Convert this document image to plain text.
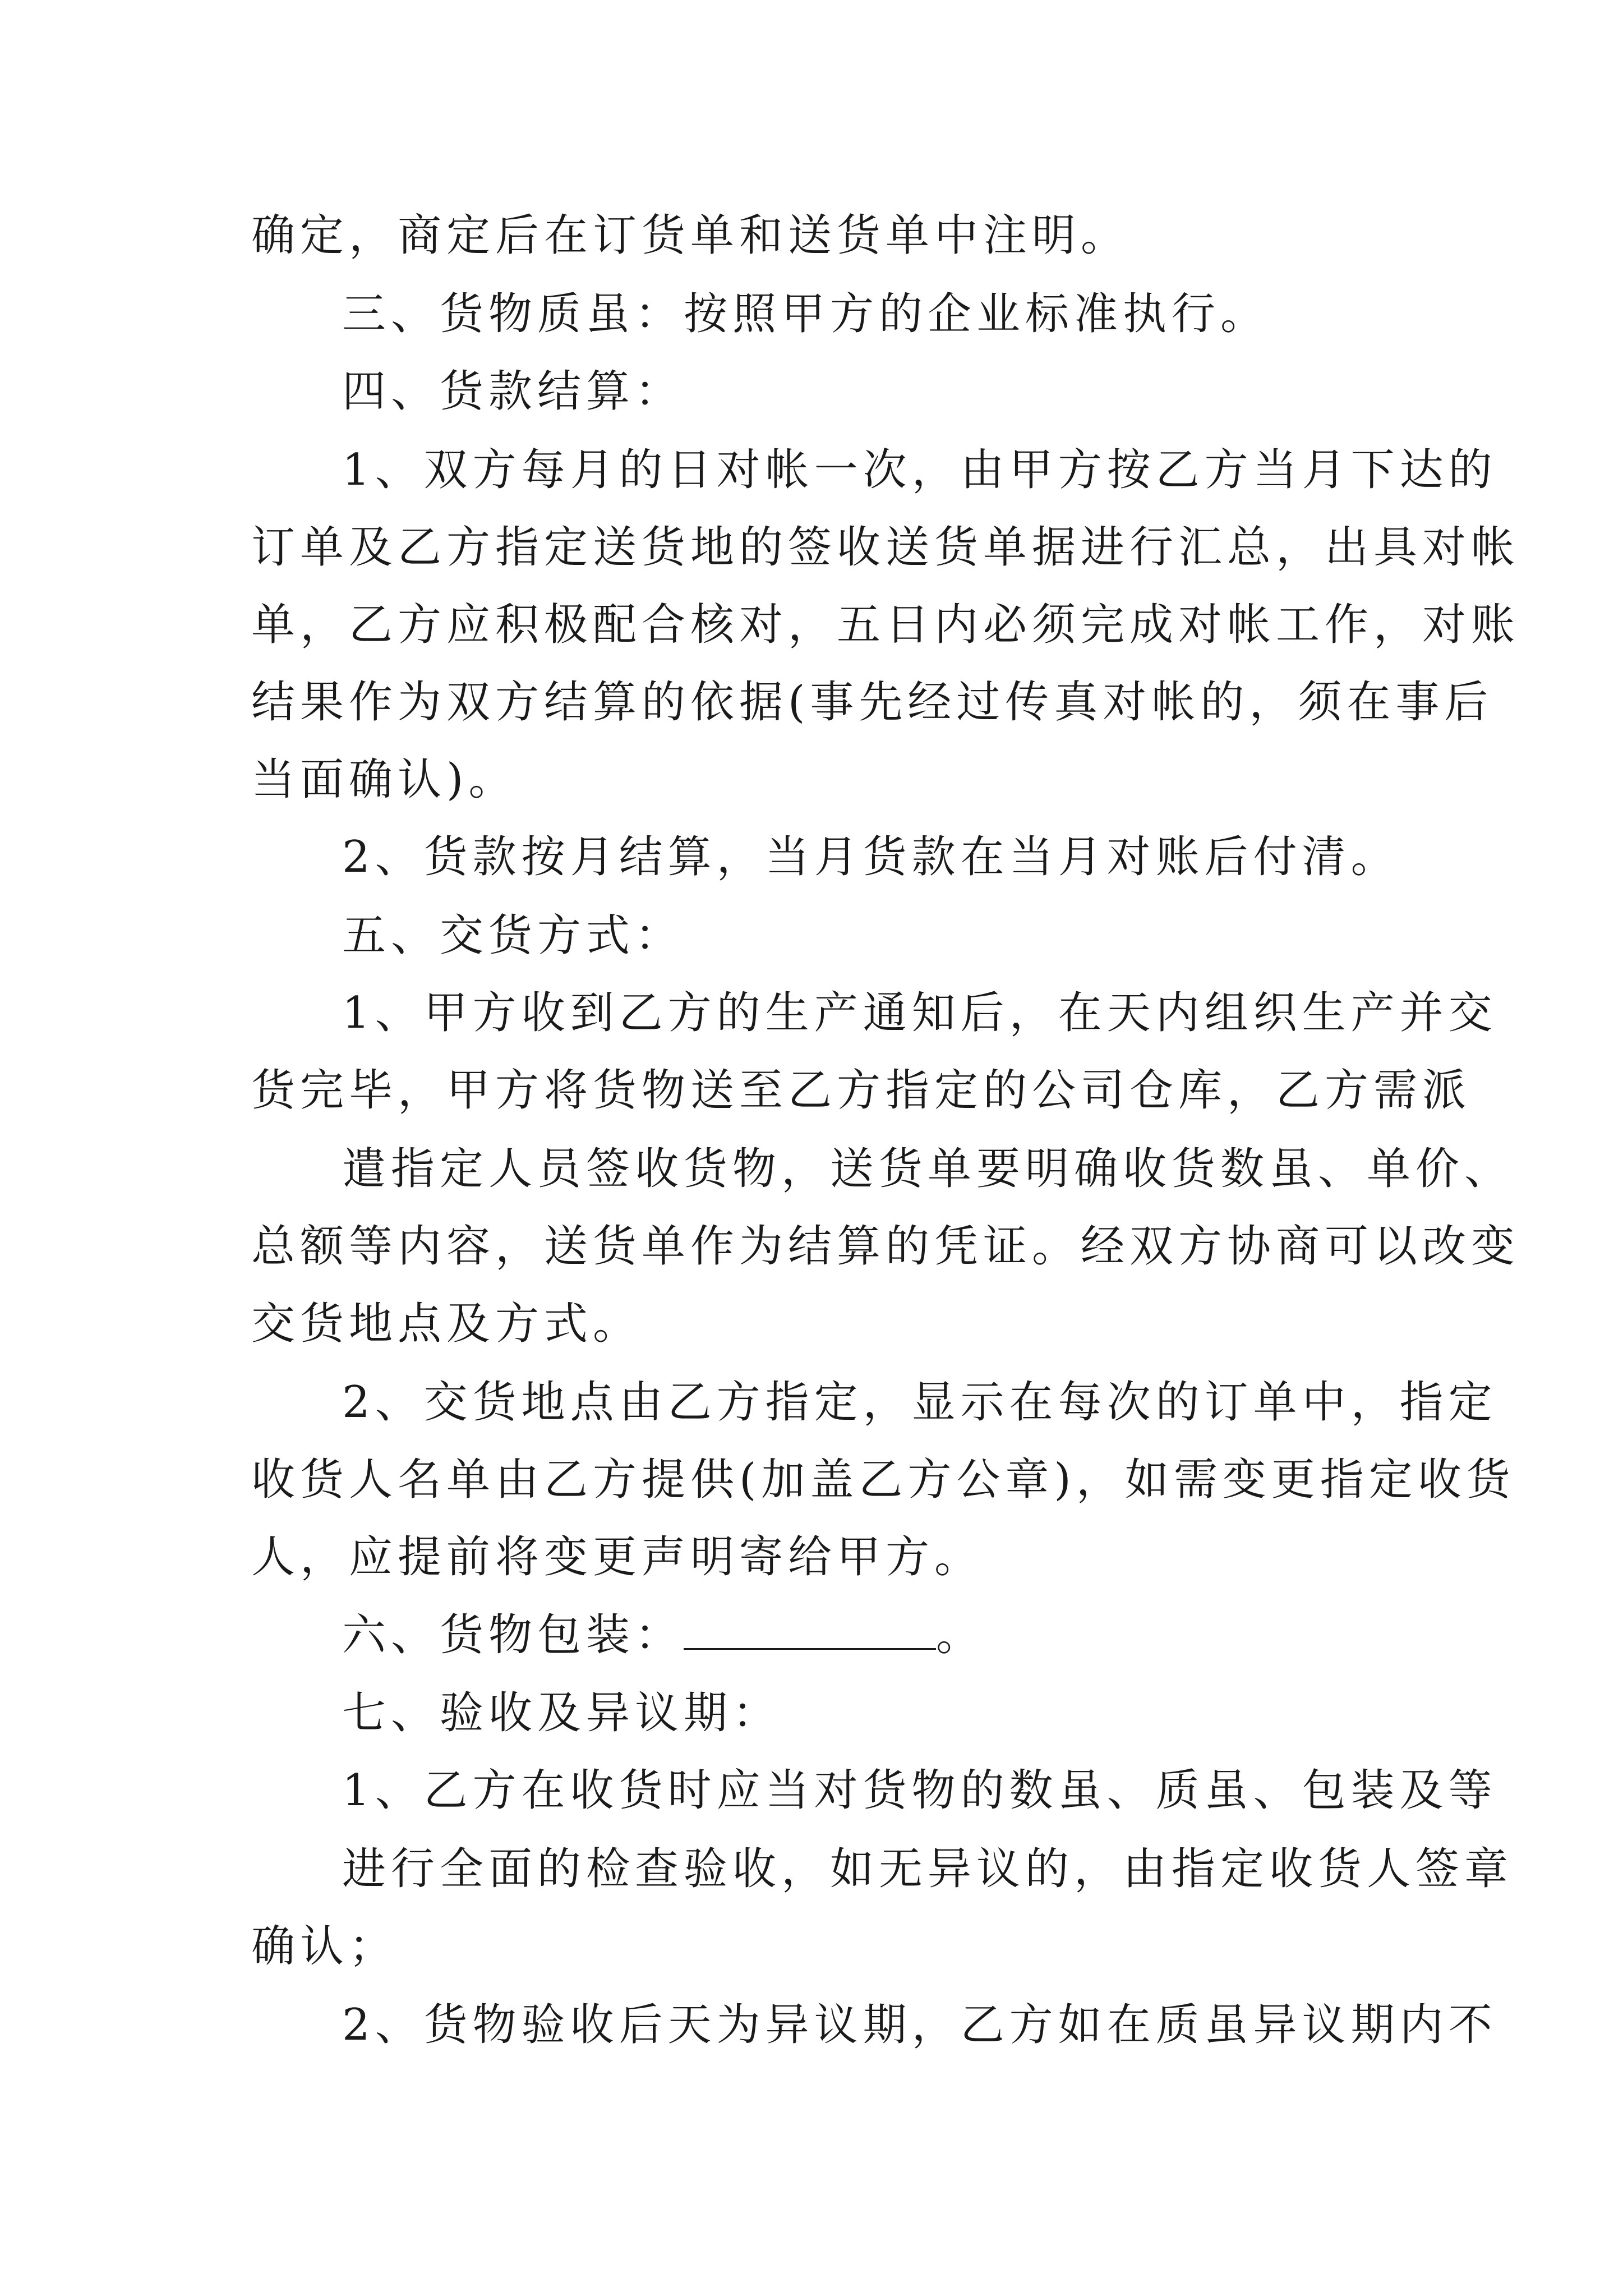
确定，商定后在订货单和送货单中注明。
三、货物质虽：按照甲方的企业标准执行。
四、货款结算：
1、双方每月的日对帐一次，由甲方按乙方当月下达的
订单及乙方指定送货地的签收送货单据进行汇总，出具对帐
单，乙方应积极配合核对，五日内必须完成对帐工作，对账
结果作为双方结算的依据(事先经过传真对帐的，须在事后
当面确认)。
2、货款按月结算，当月货款在当月对账后付清。
五、交货方式：
1、甲方收到乙方的生产通知后，在天内组织生产并交
货完毕，甲方将货物送至乙方指定的公司仓库，乙方需派
遣指定人员签收货物，送货单要明确收货数虽、单价、
总额等内容，送货单作为结算的凭证。经双方协商可以改变
交货地点及方式。
2、交货地点由乙方指定，显示在每次的订单中，指定
收货人名单由乙方提供(加盖乙方公章)，如需变更指定收货
人，应提前将变更声明寄给甲方。
六、货物包装：	。
七、验收及异议期：
1、乙方在收货时应当对货物的数虽、质虽、包装及等
进行全面的检查验收，如无异议的，由指定收货人签章
确认；
2、货物验收后天为异议期，乙方如在质虽异议期内不
